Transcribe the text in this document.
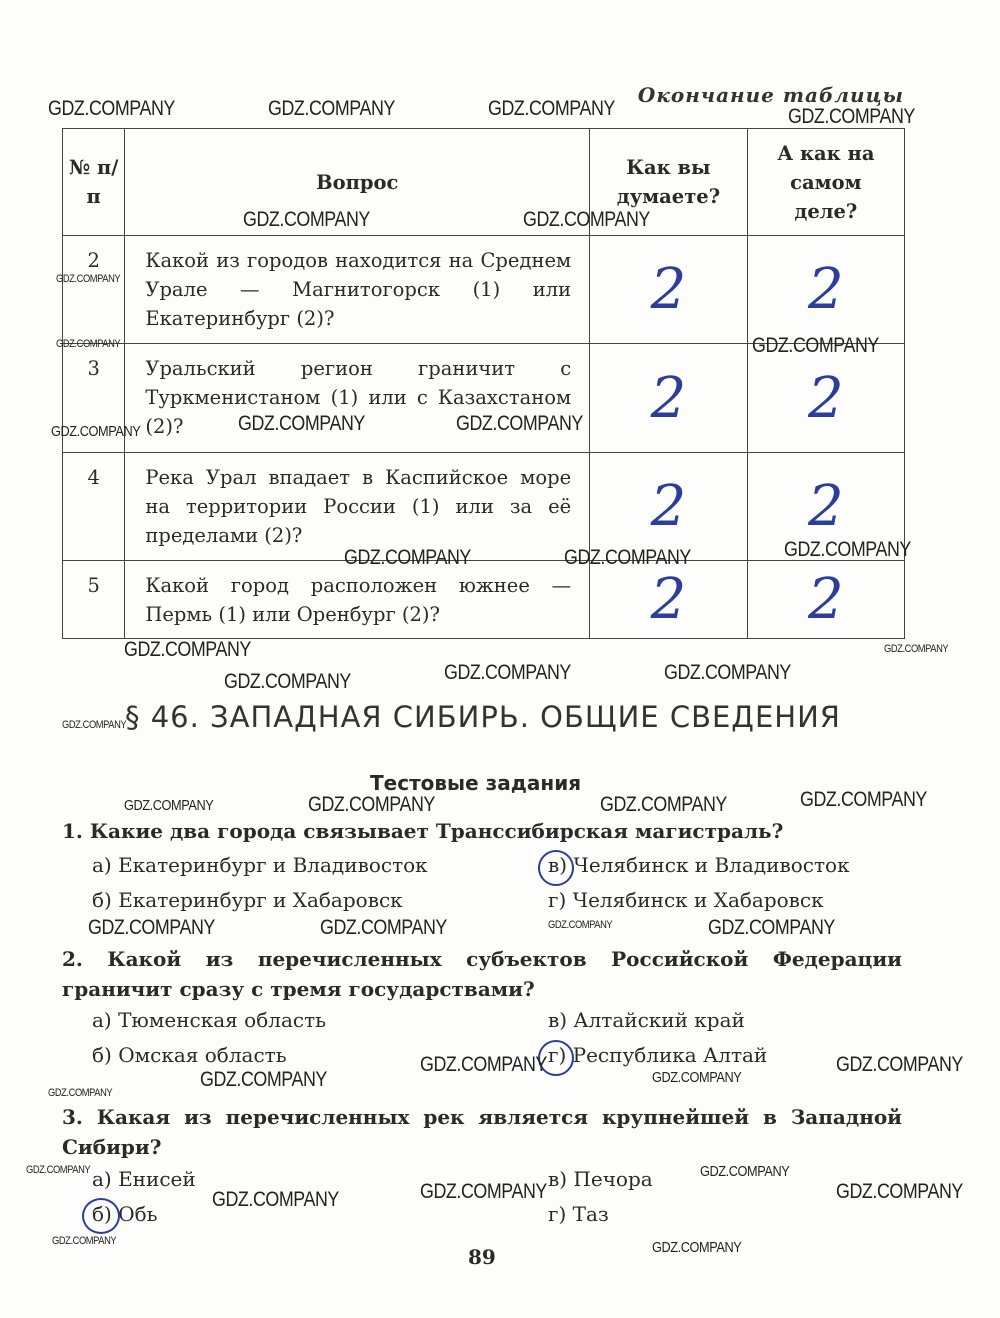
Окончание таблицы
№ п/п	Вопрос	Как вы думаете?	А как на самом деле?
2	Какой из городов находится на Среднем Урале — Магнитогорск (1) или Екатеринбург (2)?	2	2
3	Уральский регион граничит с Туркменистаном (1) или с Казахстаном (2)?	2	2
4	Река Урал впадает в Каспийское море на территории России (1) или за её пределами (2)?	2	2
5	Какой город расположен южнее — Пермь (1) или Оренбург (2)?	2	2
§ 46. ЗАПАДНАЯ СИБИРЬ. ОБЩИЕ СВЕДЕНИЯ
Тестовые задания
1. Какие два города связывает Транссибирская магистраль?
а) Екатеринбург и Владивосток
б) Екатеринбург и Хабаровск
в) Челябинск и Владивосток
г) Челябинск и Хабаровск
2. Какой из перечисленных субъектов Российской Федерации граничит сразу с тремя государствами?
а) Тюменская область
б) Омская область
в) Алтайский край
г) Республика Алтай
3. Какая из перечисленных рек является крупнейшей в Западной Сибири?
а) Енисей
б) Обь
в) Печора
г) Таз
89
GDZ.COMPANY	GDZ.COMPANY	GDZ.COMPANY	GDZ.COMPANY
GDZ.COMPANY	GDZ.COMPANY
GDZ.COMPANY
GDZ.COMPANY	GDZ.COMPANY
GDZ.COMPANY	GDZ.COMPANY
GDZ.COMPANY
GDZ.COMPANY
GDZ.COMPANY
GDZ.COMPANY	GDZ.COMPANY
GDZ.COMPANY
GDZ.COMPANY	GDZ.COMPANY	GDZ.COMPANY
GDZ.COMPANY
GDZ.COMPANY	GDZ.COMPANY	GDZ.COMPANY	GDZ.COMPANY
GDZ.COMPANY	GDZ.COMPANY	GDZ.COMPANY	GDZ.COMPANY
GDZ.COMPANY
GDZ.COMPANY
GDZ.COMPANY
GDZ.COMPANY
GDZ.COMPANY
GDZ.COMPANY	GDZ.COMPANY
GDZ.COMPANY	GDZ.COMPANY	GDZ.COMPANY
GDZ.COMPANY	GDZ.COMPANY
